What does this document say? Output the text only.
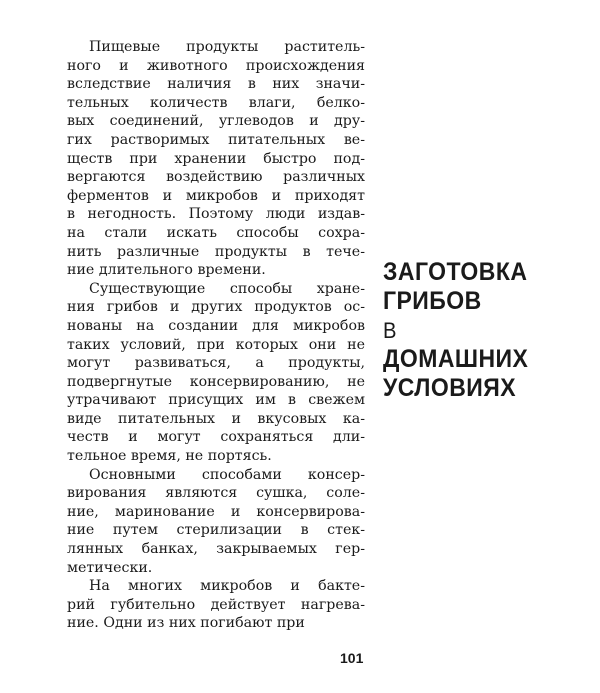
Пищевые продукты раститель-
ного и животного происхождения
вследствие наличия в них значи-
тельных количеств влаги, белко-
вых соединений, углеводов и дру-
гих растворимых питательных ве-
ществ при хранении быстро под-
вергаются воздействию различных
ферментов и микробов и приходят
в негодность. Поэтому люди издав-
на стали искать способы сохра-
нить различные продукты в тече-
ние длительного времени.
Существующие способы хране-
ния грибов и других продуктов ос-
нованы на создании для микробов
таких условий, при которых они не
могут развиваться, а продукты,
подвергнутые консервированию, не
утрачивают присущих им в свежем
виде питательных и вкусовых ка-
честв и могут сохраняться дли-
тельное время, не портясь.
Основными способами консер-
вирования являются сушка, соле-
ние, маринование и консервирова-
ние путем стерилизации в стек-
лянных банках, закрываемых гер-
метически.
На многих микробов и бакте-
рий губительно действует нагрева-
ние. Одни из них погибают при
ЗАГОТОВКА
ГРИБОВ
В
ДОМАШНИХ
УСЛОВИЯХ
101
